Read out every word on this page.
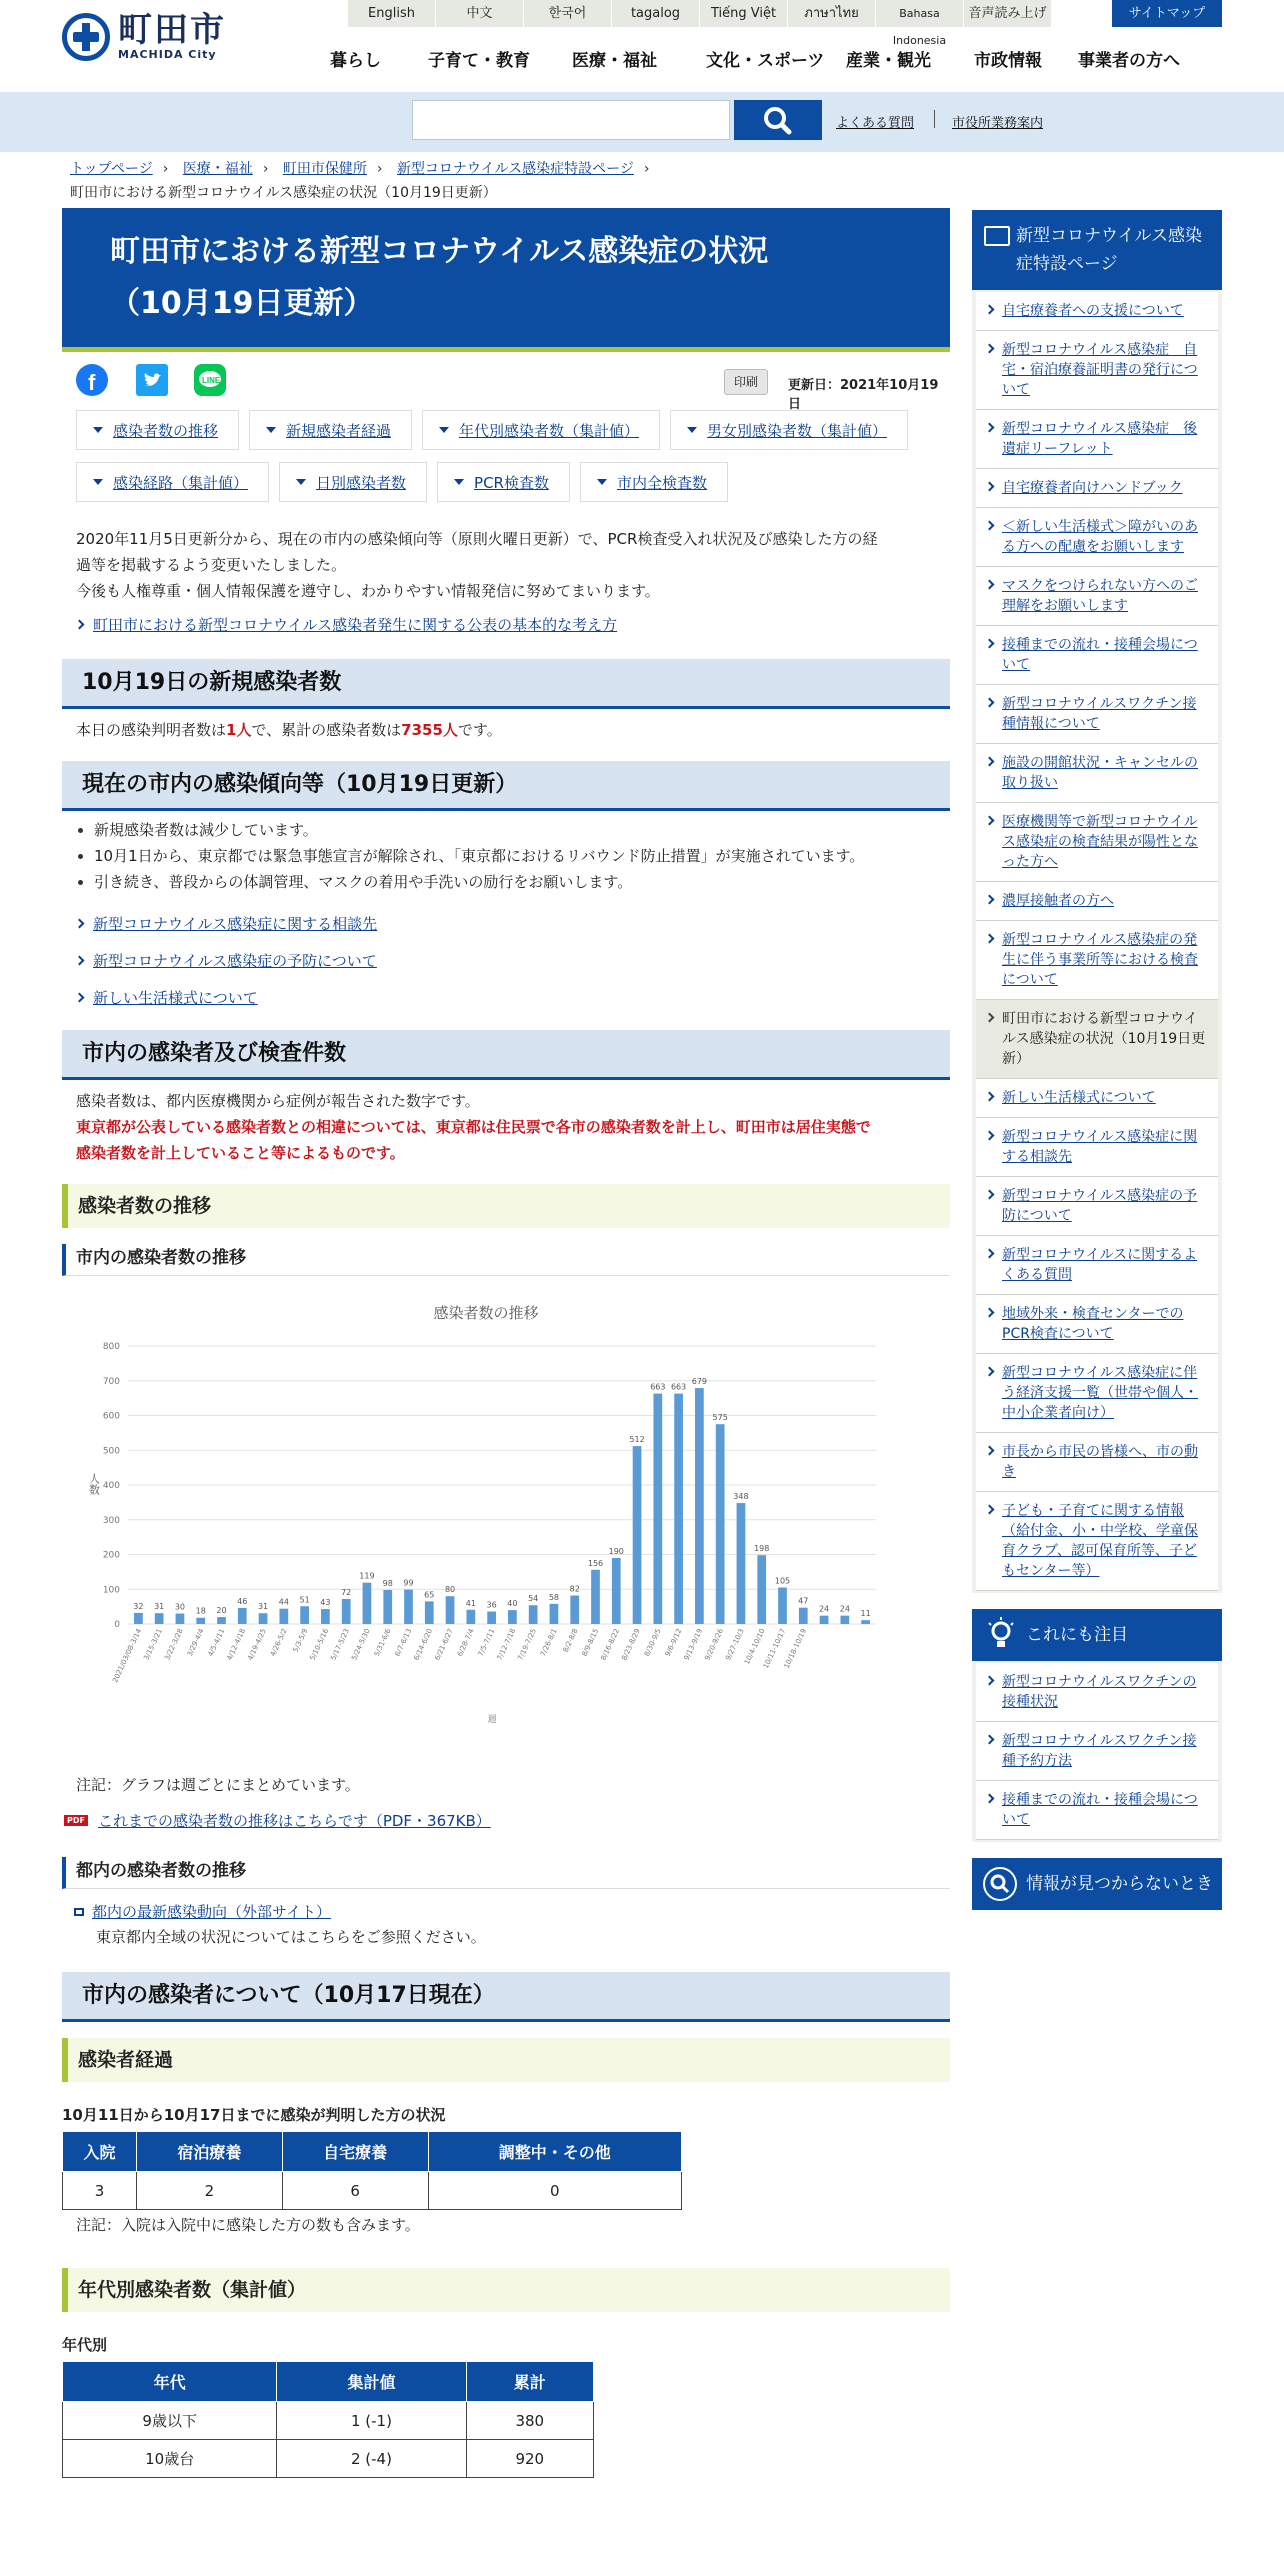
町田市
MACHIDA City
English	中文	한국어	tagalog	Tiếng Việt	ภาษาไทย	Bahasa Indonesia
音声読み上げ	サイトマップ
暮らし	子育て・教育	医療・福祉	文化・スポーツ	産業・観光	市政情報	事業者の方へ
よくある質問	市役所業務案内
トップページ › 医療・福祉 › 町田市保健所 › 新型コロナウイルス感染症特設ページ ›
町田市における新型コロナウイルス感染症の状況（10月19日更新）
町田市における新型コロナウイルス感染症の状況
（10月19日更新）
f	LINE	印刷	更新日：2021年10月19日
感染者数の推移	新規感染者経過	年代別感染者数（集計値）	男女別感染者数（集計値）
感染経路（集計値）	日別感染者数	PCR検査数	市内全検査数
2020年11月5日更新分から、現在の市内の感染傾向等（原則火曜日更新）で、PCR検査受入れ状況及び感染した方の経
過等を掲載するよう変更いたしました。
今後も人権尊重・個人情報保護を遵守し、わかりやすい情報発信に努めてまいります。
町田市における新型コロナウイルス感染者発生に関する公表の基本的な考え方
10月19日の新規感染者数
本日の感染判明者数は1人で、累計の感染者数は7355人です。
現在の市内の感染傾向等（10月19日更新）
新規感染者数は減少しています。
10月1日から、東京都では緊急事態宣言が解除され、「東京都におけるリバウンド防止措置」が実施されています。
引き続き、普段からの体調管理、マスクの着用や手洗いの励行をお願いします。
新型コロナウイルス感染症に関する相談先
新型コロナウイルス感染症の予防について
新しい生活様式について
市内の感染者及び検査件数
感染者数は、都内医療機関から症例が報告された数字です。
東京都が公表している感染者数との相違については、東京都は住民票で各市の感染者数を計上し、町田市は居住実態で
感染者数を計上していること等によるものです。
感染者数の推移
市内の感染者数の推移
感染者数の推移
0
100
200
300
400
500
600
700
800
人数
32
2021/03/08-3/14
31
3/15-3/21
30
3/22-3/28
18
3/29-4/4
20
4/5-4/11
46
4/12-4/18
31
4/19-4/25
44
4/26-5/2
51
5/3-5/9
43
5/10-5/16
72
5/17-5/23
119
5/24-5/30
98
5/31-6/6
99
6/7-6/13
65
6/14-6/20
80
6/21-6/27
41
6/28-7/4
36
7/5-7/11
40
7/12-7/18
54
7/19-7/25
58
7/26-8/1
82
8/2-8/8
156
8/9-8/15
190
8/16-8/22
512
8/23-8/29
663
8/30-9/5
663
9/6-9/12
679
9/13-9/19
575
9/20-9/26
348
9/27-10/3
198
10/4-10/10
105
10/11-10/17
47
10/18-10/19
24 24
11
週
注記：グラフは週ごとにまとめています。
PDF これまでの感染者数の推移はこちらです（PDF・367KB）
都内の感染者数の推移
都内の最新感染動向（外部サイト）
東京都内全域の状況についてはこちらをご参照ください。
市内の感染者について（10月17日現在）
感染者経過
10月11日から10月17日までに感染が判明した方の状況
入院	宿泊療養	自宅療養	調整中・その他
3	2	6	0
注記：入院は入院中に感染した方の数も含みます。
年代別感染者数（集計値）
年代別
年代	集計値	累計
9歳以下	1 (-1)	380
10歳台	2 (-4)	920
新型コロナウイルス感染症特設ページ
自宅療養者への支援について
新型コロナウイルス感染症　自宅・宿泊療養証明書の発行について
新型コロナウイルス感染症　後遺症リーフレット
自宅療養者向けハンドブック
＜新しい生活様式＞障がいのある方への配慮をお願いします
マスクをつけられない方へのご理解をお願いします
接種までの流れ・接種会場について
新型コロナウイルスワクチン接種情報について
施設の開館状況・キャンセルの取り扱い
医療機関等で新型コロナウイルス感染症の検査結果が陽性となった方へ
濃厚接触者の方へ
新型コロナウイルス感染症の発生に伴う事業所等における検査について
町田市における新型コロナウイルス感染症の状況（10月19日更新）
新しい生活様式について
新型コロナウイルス感染症に関する相談先
新型コロナウイルス感染症の予防について
新型コロナウイルスに関するよくある質問
地域外来・検査センターでのPCR検査について
新型コロナウイルス感染症に伴う経済支援一覧（世帯や個人・中小企業者向け）
市長から市民の皆様へ、市の動き
子ども・子育てに関する情報（給付金、小・中学校、学童保育クラブ、認可保育所等、子どもセンター等）
これにも注目
新型コロナウイルスワクチンの接種状況
新型コロナウイルスワクチン接種予約方法
接種までの流れ・接種会場について
情報が見つからないときは
